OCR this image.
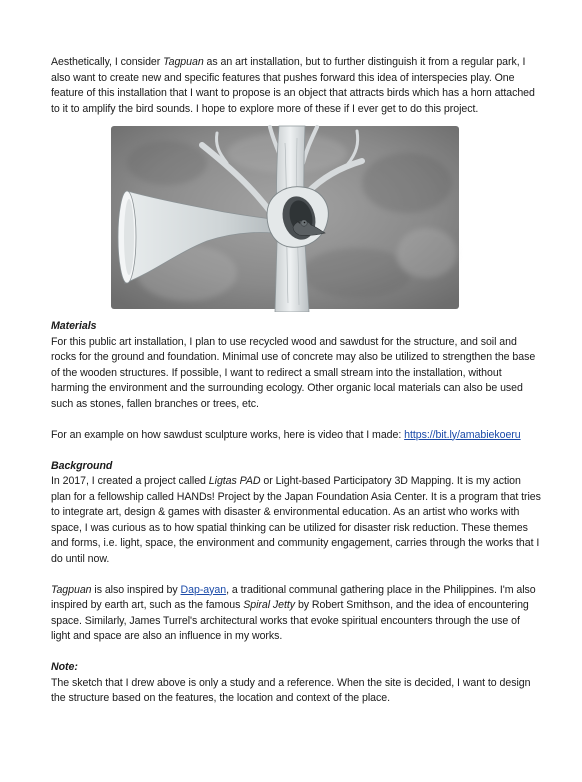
Aesthetically, I consider Tagpuan as an art installation, but to further distinguish it from a regular park, I also want to create new and specific features that pushes forward this idea of interspecies play. One feature of this installation that I want to propose is an object that attracts birds which has a horn attached to it to amplify the bird sounds. I hope to explore more of these if I ever get to do this project.

Materials

For this public art installation, I plan to use recycled wood and sawdust for the structure, and soil and rocks for the ground and foundation. Minimal use of concrete may also be utilized to strengthen the base of the wooden structures. If possible, I want to redirect a small stream into the installation, without harming the environment and the surrounding ecology. Other organic local materials can also be used such as stones, fallen branches or trees, etc.

For an example on how sawdust sculpture works, here is video that I made: https://bit.ly/amabiekoeru

Background

In 2017, I created a project called Ligtas PAD or Light-based Participatory 3D Mapping. It is my action plan for a fellowship called HANDs! Project by the Japan Foundation Asia Center. It is a program that tries to integrate art, design & games with disaster & environmental education. As an artist who works with space, I was curious as to how spatial thinking can be utilized for disaster risk reduction. These themes and forms, i.e. light, space, the environment and community engagement, carries through the works that I do until now.

Tagpuan is also inspired by Dap-ayan, a traditional communal gathering place in the Philippines. I'm also inspired by earth art, such as the famous Spiral Jetty by Robert Smithson, and the idea of encountering space. Similarly, James Turrel's architectural works that evoke spiritual encounters through the use of light and space are also an influence in my works.

Note:

The sketch that I drew above is only a study and a reference. When the site is decided, I want to design the structure based on the features, the location and context of the place.
